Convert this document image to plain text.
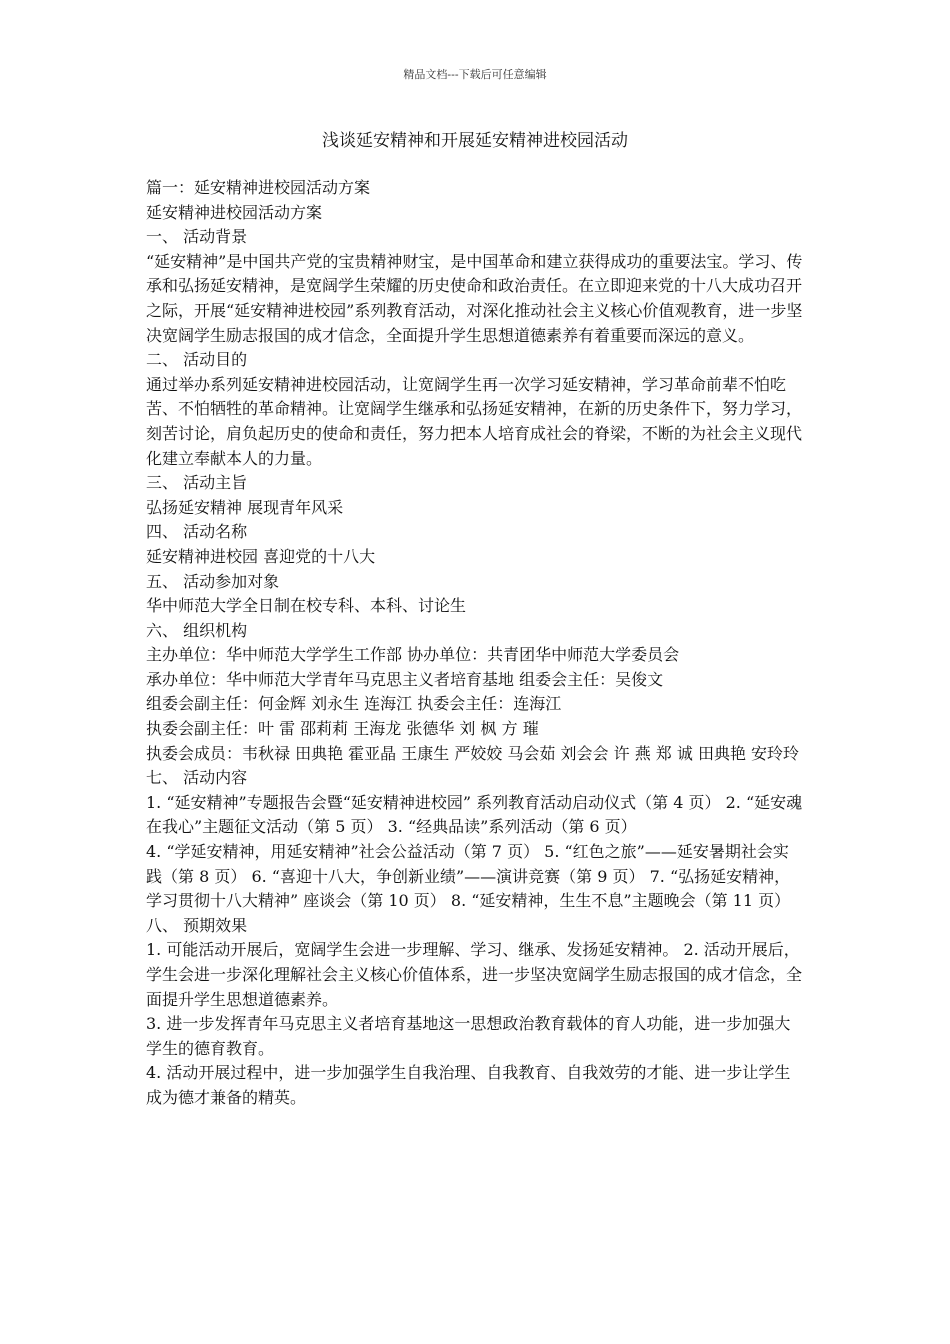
精品文档---下载后可任意编辑
浅谈延安精神和开展延安精神进校园活动

篇一：延安精神进校园活动方案

延安精神进校园活动方案

一、 活动背景

“延安精神”是中国共产党的宝贵精神财宝，是中国革命和建立获得成功的重要法宝。学习、传承和弘扬延安精神，是宽阔学生荣耀的历史使命和政治责任。在立即迎来党的十八大成功召开之际，开展“延安精神进校园”系列教育活动，对深化推动社会主义核心价值观教育，进一步坚决宽阔学生励志报国的成才信念，全面提升学生思想道德素养有着重要而深远的意义。

二、 活动目的

通过举办系列延安精神进校园活动，让宽阔学生再一次学习延安精神，学习革命前辈不怕吃苦、不怕牺牲的革命精神。让宽阔学生继承和弘扬延安精神，在新的历史条件下，努力学习，刻苦讨论，肩负起历史的使命和责任，努力把本人培育成社会的脊梁，不断的为社会主义现代化建立奉献本人的力量。

三、 活动主旨

弘扬延安精神 展现青年风采

四、 活动名称

延安精神进校园 喜迎党的十八大

五、 活动参加对象

华中师范大学全日制在校专科、本科、讨论生

六、 组织机构

主办单位：华中师范大学学生工作部 协办单位：共青团华中师范大学委员会

承办单位：华中师范大学青年马克思主义者培育基地 组委会主任：吴俊文

组委会副主任：何金辉 刘永生 连海江 执委会主任：连海江

执委会副主任：叶 雷 邵莉莉 王海龙 张德华 刘 枫 方 璀

执委会成员：韦秋禄 田典艳 霍亚晶 王康生 严姣姣 马会茹 刘会会 许 燕 郑 诚 田典艳 安玲玲

七、 活动内容

1. “延安精神”专题报告会暨“延安精神进校园” 系列教育活动启动仪式（第 4 页） 2. “延安魂在我心”主题征文活动（第 5 页） 3. “经典品读”系列活动（第 6 页）

4. “学延安精神，用延安精神”社会公益活动（第 7 页） 5. “红色之旅”——延安暑期社会实践（第 8 页） 6. “喜迎十八大，争创新业绩”——演讲竞赛（第 9 页） 7. “弘扬延安精神，学习贯彻十八大精神” 座谈会（第 10 页） 8. “延安精神，生生不息”主题晚会（第 11 页）

八、 预期效果

1. 可能活动开展后，宽阔学生会进一步理解、学习、继承、发扬延安精神。 2. 活动开展后，学生会进一步深化理解社会主义核心价值体系，进一步坚决宽阔学生励志报国的成才信念，全面提升学生思想道德素养。

3. 进一步发挥青年马克思主义者培育基地这一思想政治教育载体的育人功能，进一步加强大学生的德育教育。

4. 活动开展过程中，进一步加强学生自我治理、自我教育、自我效劳的才能、进一步让学生成为德才兼备的精英。
